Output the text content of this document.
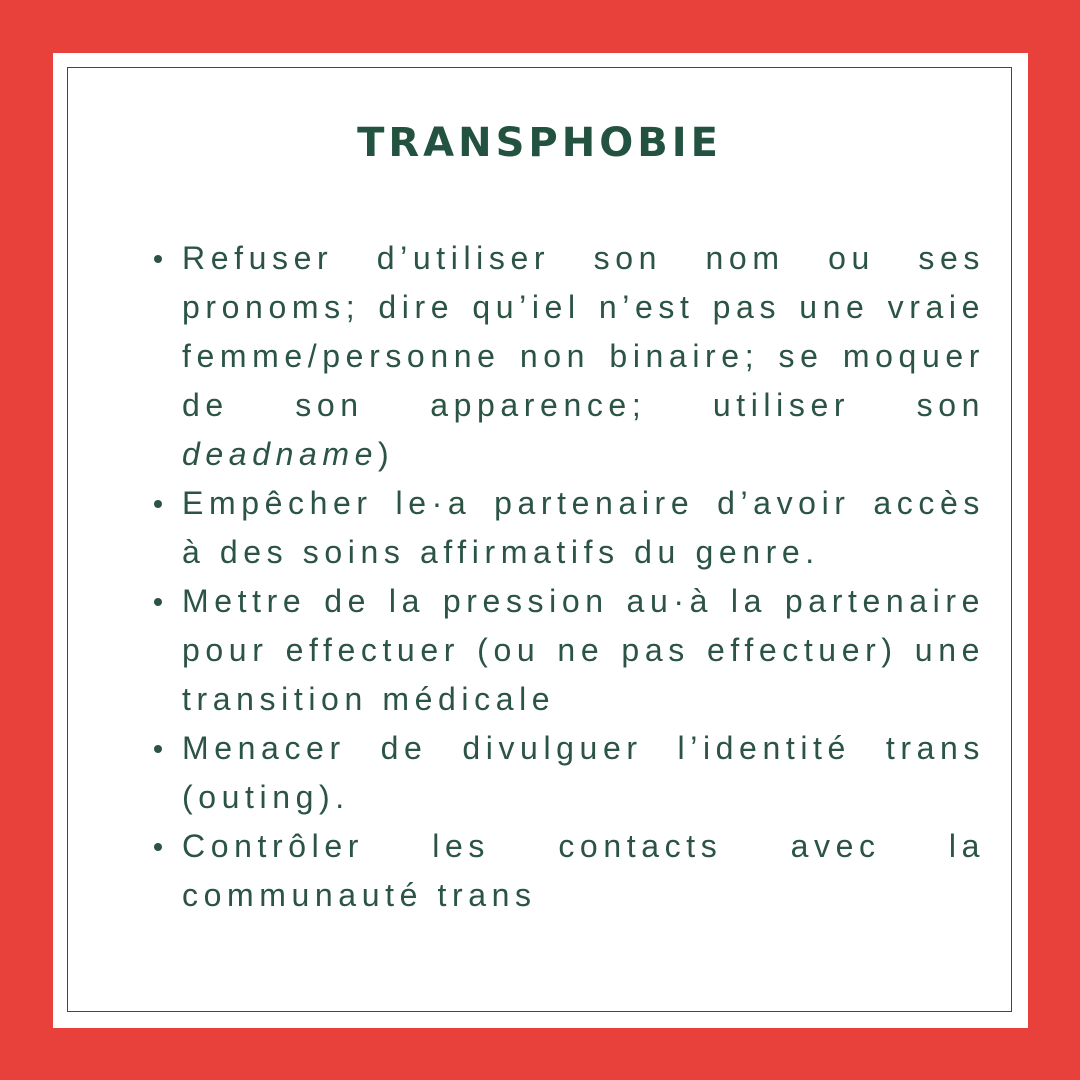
TRANSPHOBIE
Refuser d’utiliser son nom ou ses pronoms; dire qu’iel n’est pas une vraie femme/personne non binaire; se moquer de son apparence; utiliser son deadname)
Empêcher le·a partenaire d’avoir accès à des soins affirmatifs du genre.
Mettre de la pression au·à la partenaire pour effectuer (ou ne pas effectuer) une transition médicale
Menacer de divulguer l’identité trans (outing).
Contrôler les contacts avec la communauté trans
